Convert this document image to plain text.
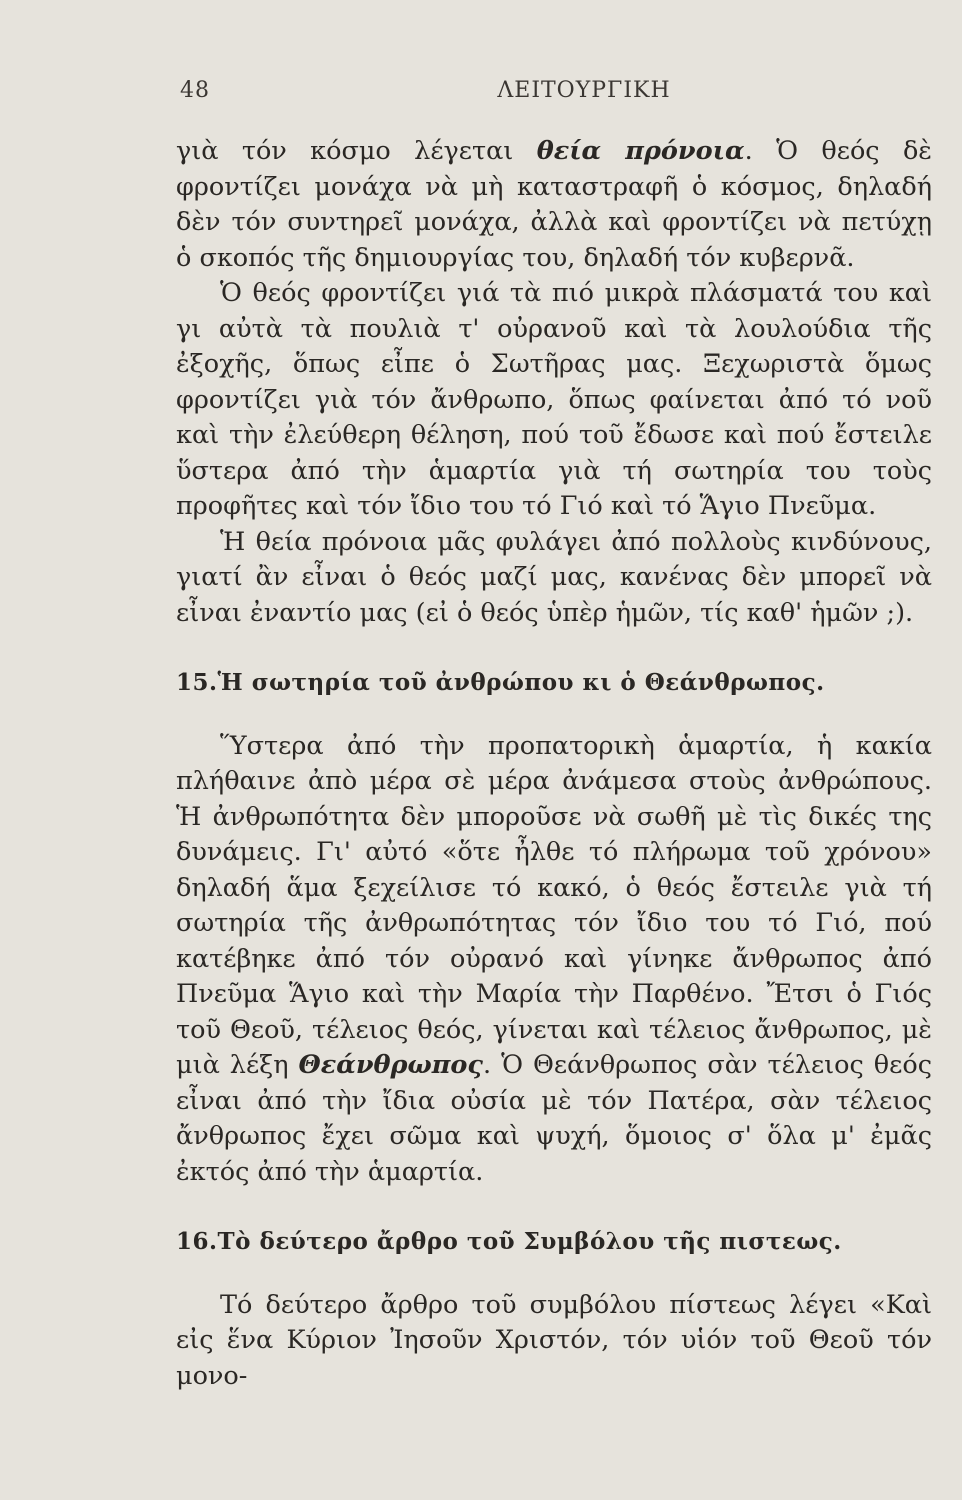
48	ΛΕΙΤΟΥΡΓΙΚΗ

γιὰ τόν κόσμο λέγεται θεία πρόνοια. Ὁ θεός δὲ φροντίζει μονάχα νὰ μὴ καταστραφῆ ὁ κόσμος, δηλαδή δὲν τόν συντηρεῖ μονάχα, ἀλλὰ καὶ φροντίζει νὰ πετύχῃ ὁ σκοπός τῆς δημιουργίας του, δηλαδή τόν κυβερνᾶ.

Ὁ θεός φροντίζει γιά τὰ πιό μικρὰ πλάσματά του καὶ γι αὐτὰ τὰ πουλιὰ τ' οὐρανοῦ καὶ τὰ λουλούδια τῆς ἐξοχῆς, ὅπως εἶπε ὁ Σωτῆρας μας. Ξεχωριστὰ ὅμως φροντίζει γιὰ τόν ἄνθρωπο, ὅπως φαίνεται ἀπό τό νοῦ καὶ τὴν ἐλεύθερη θέληση, πού τοῦ ἔδωσε καὶ πού ἔστειλε ὕστερα ἀπό τὴν ἁμαρτία γιὰ τή σωτηρία του τοὺς προφῆτες καὶ τόν ἴδιο του τό Γιό καὶ τό Ἅγιο Πνεῦμα.

Ἡ θεία πρόνοια μᾶς φυλάγει ἀπό πολλοὺς κινδύνους, γιατί ἂν εἶναι ὁ θεός μαζί μας, κανένας δὲν μπορεῖ νὰ εἶναι ἐναντίο μας (εἰ ὁ θεός ὑπὲρ ἡμῶν, τίς καθ' ἡμῶν ;).

15.Ἡ σωτηρία τοῦ ἀνθρώπου κι ὁ Θεάνθρωπος.

Ὕστερα ἀπό τὴν προπατορικὴ ἁμαρτία, ἡ κακία πλήθαινε ἀπὸ μέρα σὲ μέρα ἀνάμεσα στοὺς ἀνθρώπους. Ἡ ἀνθρωπότητα δὲν μποροῦσε νὰ σωθῆ μὲ τὶς δικές της δυνάμεις. Γι' αὐτό «ὅτε ἦλθε τό πλήρωμα τοῦ χρόνου» δηλαδή ἅμα ξεχείλισε τό κακό, ὁ θεός ἔστειλε γιὰ τή σωτηρία τῆς ἀνθρωπότητας τόν ἴδιο του τό Γιό, πού κατέβηκε ἀπό τόν οὐρανό καὶ γίνηκε ἄνθρωπος ἀπό Πνεῦμα Ἅγιο καὶ τὴν Μαρία τὴν Παρθένο. Ἔτσι ὁ Γιός τοῦ Θεοῦ, τέλειος θεός, γίνεται καὶ τέλειος ἄνθρωπος, μὲ μιὰ λέξη Θεάνθρωπος. Ὁ Θεάνθρωπος σὰν τέλειος θεός εἶναι ἀπό τὴν ἴδια οὐσία μὲ τόν Πατέρα, σὰν τέλειος ἄνθρωπος ἔχει σῶμα καὶ ψυχή, ὅμοιος σ' ὅλα μ' ἐμᾶς ἐκτός ἀπό τὴν ἁμαρτία.

16.Τὸ δεύτερο ἄρθρο τοῦ Συμβόλου τῆς πιστεως.

Τό δεύτερο ἄρθρο τοῦ συμβόλου πίστεως λέγει «Καὶ εἰς ἕνα Κύριον Ἰησοῦν Χριστόν, τόν υἱόν τοῦ Θεοῦ τόν μονο-
